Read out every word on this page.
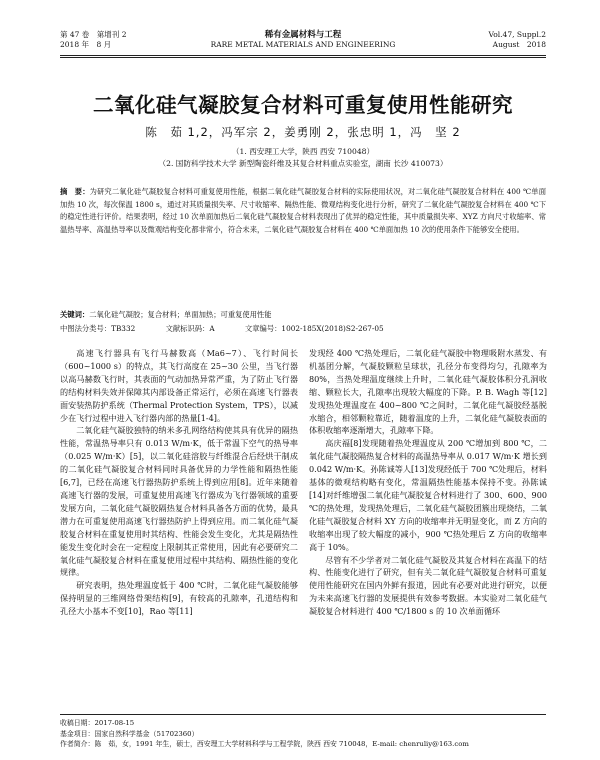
第 47 卷　第增刊 2
2018 年　8 月
稀有金属材料与工程
RARE METAL MATERIALS AND ENGINEERING
Vol.47, Suppl.2
August　2018
二氧化硅气凝胶复合材料可重复使用性能研究
陈　茹 1,2，冯军宗 2，姜勇刚 2，张忠明 1，冯　坚 2
（1. 西安理工大学，陕西 西安 710048）
（2. 国防科学技术大学 新型陶瓷纤维及其复合材料重点实验室，湖南 长沙 410073）
摘　要：为研究二氧化硅气凝胶复合材料可重复使用性能，根据二氧化硅气凝胶复合材料的实际使用状况，对二氧化硅气凝胶复合材料在 400 ℃单面加热 10 次，每次保温 1800 s，通过对其质量损失率、尺寸收缩率、隔热性能、微观结构变化进行分析，研究了二氧化硅气凝胶复合材料在 400 ℃下的稳定性进行评价。结果表明，经过 10 次单面加热后二氧化硅气凝胶复合材料表现出了优异的稳定性能，其中质量损失率、XYZ 方向尺寸收缩率、常温热导率、高温热导率以及微观结构变化都非常小，符合未来，二氧化硅气凝胶复合材料在 400 ℃单面加热 10 次的使用条件下能够安全使用。
关键词：二氧化硅气凝胶；复合材料；单面加热；可重复使用性能
中图法分类号：TB332	文献标识码：A	文章编号：1002-185X(2018)S2-267-05

高速飞行器具有飞行马赫数高（Ma6~7）、飞行时间长（600~1000 s）的特点，其飞行高度在 25~30 公里，当飞行器以高马赫数飞行时，其表面的气动加热异常严重，为了防止飞行器的结构材料失效并保障其内部设备正常运行，必须在高速飞行器表面安装热防护系统（Thermal Protection System，TPS），以减少在飞行过程中进入飞行器内部的热量[1-4]。

二氧化硅气凝胶独特的纳米多孔网络结构使其具有优异的隔热性能，常温热导率只有 0.013 W/m·K，低于常温下空气的热导率（0.025 W/m·K）[5]，以二氧化硅溶胶与纤维混合后经烘干制成的二氧化硅气凝胶复合材料同时具备优异的力学性能和隔热性能[6,7]，已经在高速飞行器热防护系统上得到应用[8]。近年来随着高速飞行器的发展，可重复使用高速飞行器成为飞行器领域的重要发展方向，二氧化硅气凝胶隔热复合材料具备各方面的优势，最具潜力在可重复使用高速飞行器热防护上得到应用。而二氧化硅气凝胶复合材料在重复使用时其结构、性能会发生变化，尤其是隔热性能发生变化时会在一定程度上限制其正常使用，因此有必要研究二氧化硅气凝胶复合材料在重复使用过程中其结构、隔热性能的变化规律。

研究表明，热处理温度低于 400 ℃时，二氧化硅气凝胶能够保持明显的三维网络骨架结构[9]，有较高的孔隙率，孔道结构和孔径大小基本不变[10]，Rao 等[11]

发现经 400 ℃热处理后，二氧化硅气凝胶中物理吸附水蒸发、有机基团分解，气凝胶颗粒呈球状，孔径分布变得均匀，孔隙率为 80%，当热处理温度继续上升时，二氧化硅气凝胶体积分孔洞收缩、颗粒长大，孔隙率出现较大幅度的下降。P. B. Wagh 等[12]发现热处理温度在 400~800 ℃之间时，二氧化硅气凝胶经基脱水缩合，相邻颗粒靠近，随着温度的上升，二氧化硅气凝胶表面的体积收缩率逐渐增大，孔隙率下降。

高庆福[8]发现随着热处理温度从 200 ℃增加到 800 ℃，二氧化硅气凝胶隔热复合材料的高温热导率从 0.017 W/m·K 增长到 0.042 W/m·K。孙陈诚等人[13]发现经低于 700 ℃处理后，材料基体的微观结构略有变化，常温隔热性能基本保持不变。孙陈诚[14]对纤维增强二氧化硅气凝胶复合材料进行了 300、600、900 ℃的热处理，发现热处理后，二氧化硅气凝胶团簇出现烧结，二氧化硅气凝胶复合材料 XY 方向的收缩率并无明显变化，而 Z 方向的收缩率出现了较大幅度的减小，900 ℃热处理后 Z 方向的收缩率高于 10%。

尽管有不少学者对二氧化硅气凝胶及其复合材料在高温下的结构、性能变化进行了研究，但有关二氧化硅气凝胶复合材料可重复使用性能研究在国内外鲜有报道，因此有必要对此进行研究，以便为未来高速飞行器的发展提供有效参考数据。本实验对二氧化硅气凝胶复合材料进行 400 ℃/1800 s 的 10 次单面循环

收稿日期：2017-08-15
基金项目：国家自然科学基金（51702360）
作者简介：陈　茹，女，1991 年生，硕士，西安理工大学材料科学与工程学院，陕西 西安 710048，E-mail: chenruliy@163.com
